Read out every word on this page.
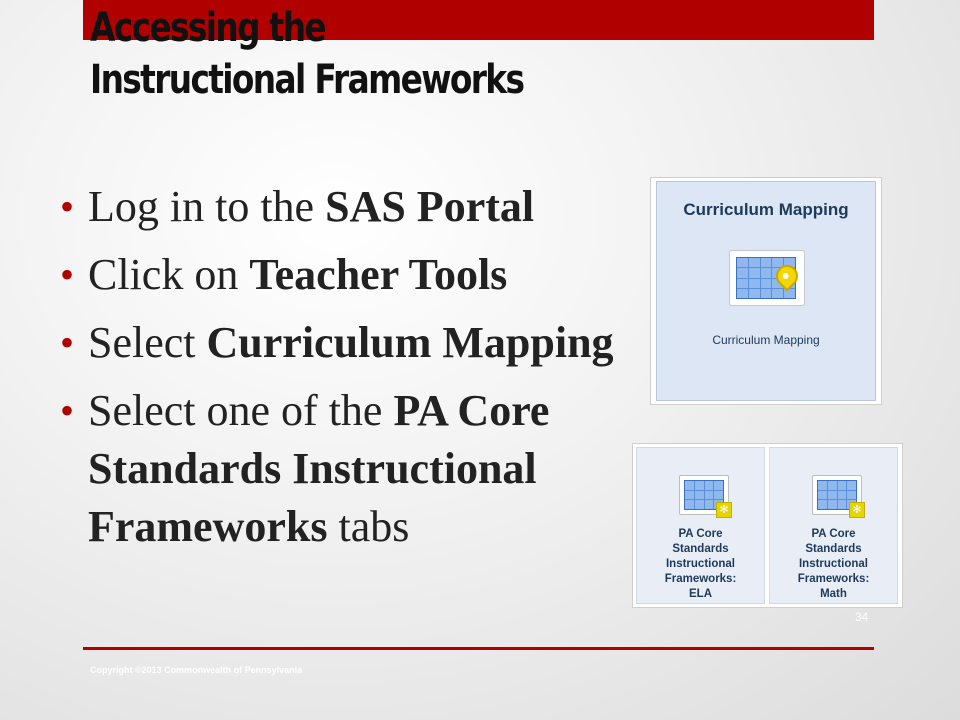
Accessing the
Instructional Frameworks
• Log in to the SAS Portal
• Click on Teacher Tools
• Select Curriculum Mapping
• Select one of the PA Core Standards Instructional Frameworks tabs
Curriculum Mapping
Curriculum Mapping
✻
PA Core
Standards
Instructional
Frameworks:
ELA
✻
PA Core
Standards
Instructional
Frameworks:
Math
34
Copyright ©2013 Commonwealth of Pennsylvania
